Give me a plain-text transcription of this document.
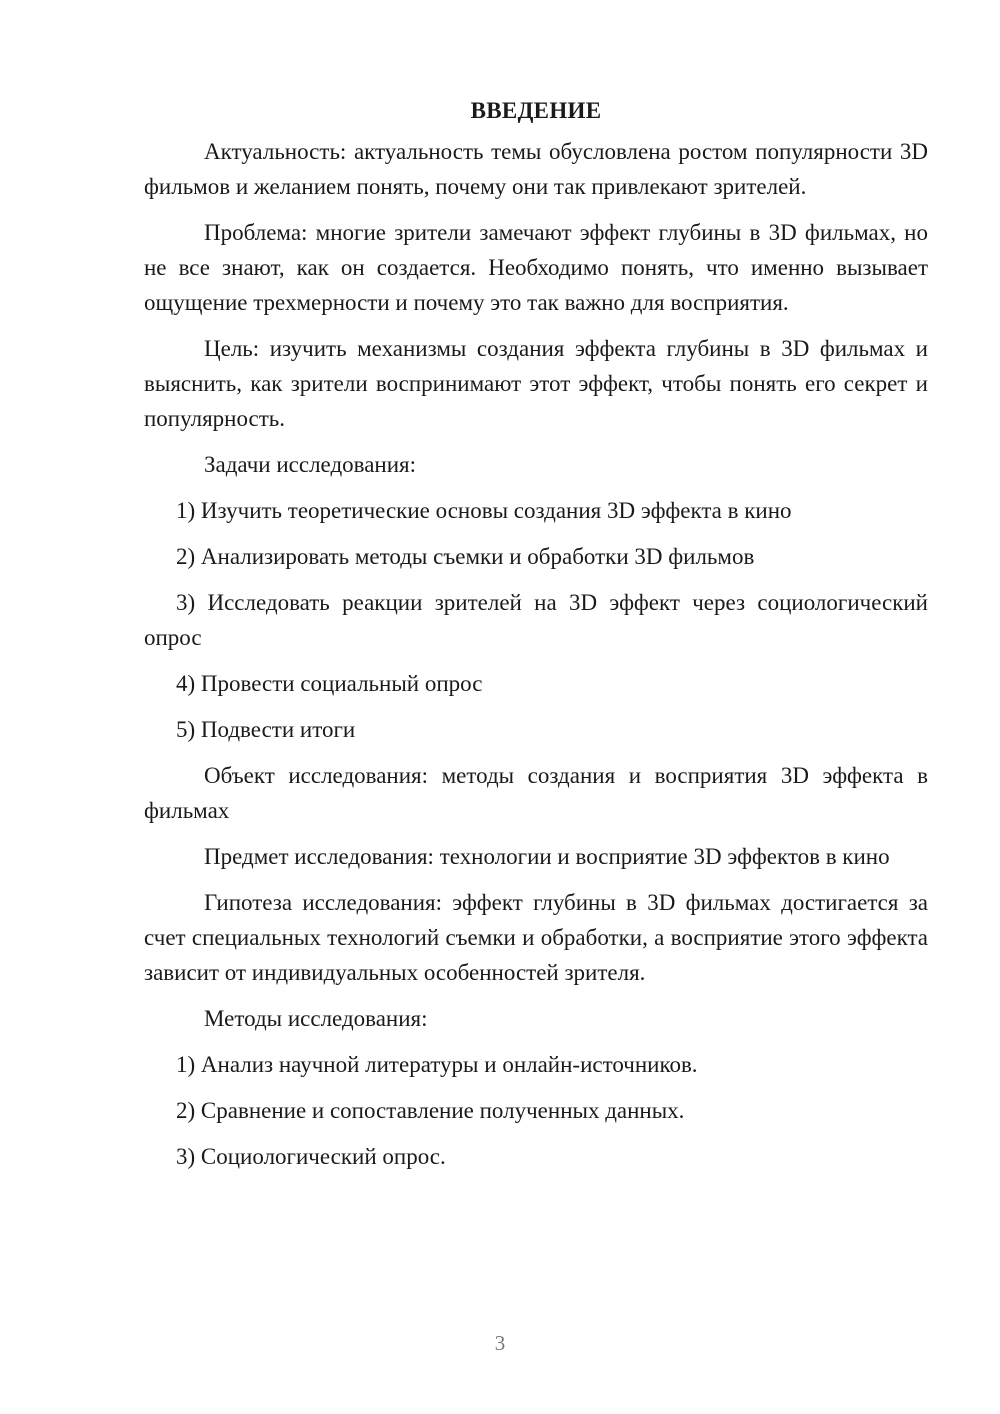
ВВЕДЕНИЕ

Актуальность: актуальность темы обусловлена ростом популярности 3D фильмов и желанием понять, почему они так привлекают зрителей.

Проблема: многие зрители замечают эффект глубины в 3D фильмах, но не все знают, как он создается. Необходимо понять, что именно вызывает ощущение трехмерности и почему это так важно для восприятия.

Цель: изучить механизмы создания эффекта глубины в 3D фильмах и выяснить, как зрители воспринимают этот эффект, чтобы понять его секрет и популярность.

Задачи исследования:

1) Изучить теоретические основы создания 3D эффекта в кино

2) Анализировать методы съемки и обработки 3D фильмов

3) Исследовать реакции зрителей на 3D эффект через социологический опрос

4) Провести социальный опрос

5) Подвести итоги

Объект исследования: методы создания и восприятия 3D эффекта в фильмах

Предмет исследования: технологии и восприятие 3D эффектов в кино

Гипотеза исследования: эффект глубины в 3D фильмах достигается за счет специальных технологий съемки и обработки, а восприятие этого эффекта зависит от индивидуальных особенностей зрителя.

Методы исследования:

1) Анализ научной литературы и онлайн-источников.

2) Сравнение и сопоставление полученных данных.

3) Социологический опрос.

3
